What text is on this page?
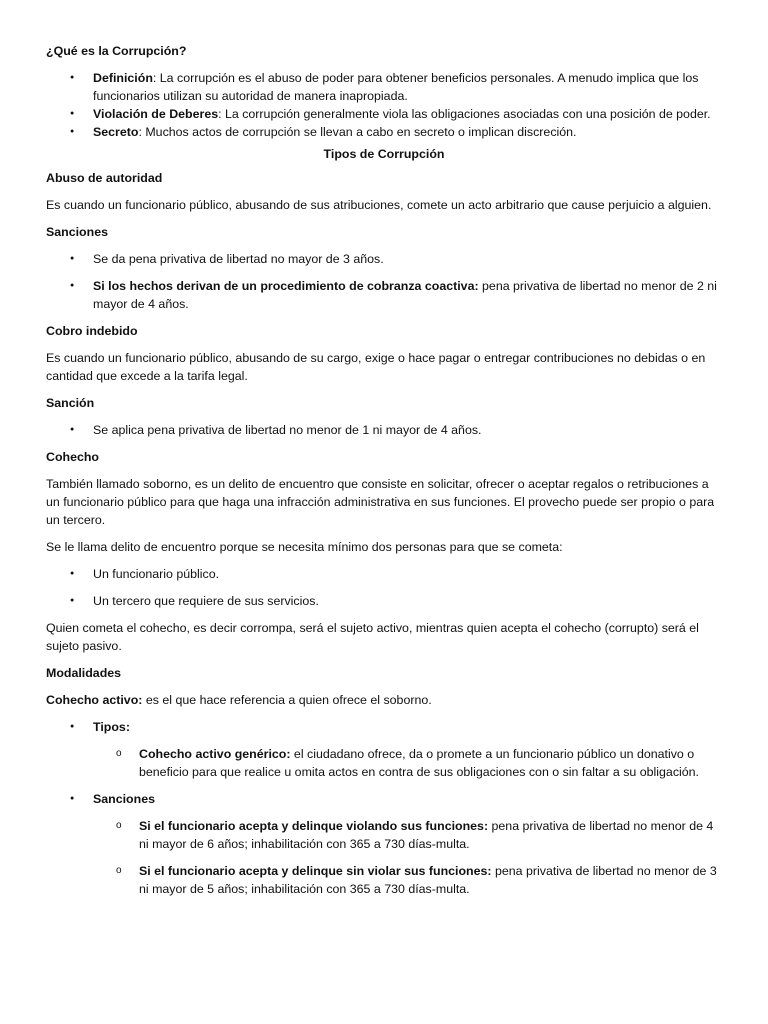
¿Qué es la Corrupción?

● Definición: La corrupción es el abuso de poder para obtener beneficios personales. A menudo implica que los funcionarios utilizan su autoridad de manera inapropiada.
● Violación de Deberes: La corrupción generalmente viola las obligaciones asociadas con una posición de poder.
● Secreto: Muchos actos de corrupción se llevan a cabo en secreto o implican discreción.

Tipos de Corrupción

Abuso de autoridad

Es cuando un funcionario público, abusando de sus atribuciones, comete un acto arbitrario que cause perjuicio a alguien.

Sanciones

● Se da pena privativa de libertad no mayor de 3 años.
● Si los hechos derivan de un procedimiento de cobranza coactiva: pena privativa de libertad no menor de 2 ni mayor de 4 años.

Cobro indebido

Es cuando un funcionario público, abusando de su cargo, exige o hace pagar o entregar contribuciones no debidas o en cantidad que excede a la tarifa legal.

Sanción

● Se aplica pena privativa de libertad no menor de 1 ni mayor de 4 años.

Cohecho

También llamado soborno, es un delito de encuentro que consiste en solicitar, ofrecer o aceptar regalos o retribuciones a un funcionario público para que haga una infracción administrativa en sus funciones. El provecho puede ser propio o para un tercero.

Se le llama delito de encuentro porque se necesita mínimo dos personas para que se cometa:

● Un funcionario público.
● Un tercero que requiere de sus servicios.

Quien cometa el cohecho, es decir corrompa, será el sujeto activo, mientras quien acepta el cohecho (corrupto) será el sujeto pasivo.

Modalidades

Cohecho activo: es el que hace referencia a quien ofrece el soborno.

● Tipos:
o Cohecho activo genérico: el ciudadano ofrece, da o promete a un funcionario público un donativo o beneficio para que realice u omita actos en contra de sus obligaciones con o sin faltar a su obligación.
● Sanciones
o Si el funcionario acepta y delinque violando sus funciones: pena privativa de libertad no menor de 4 ni mayor de 6 años; inhabilitación con 365 a 730 días-multa.
o Si el funcionario acepta y delinque sin violar sus funciones: pena privativa de libertad no menor de 3 ni mayor de 5 años; inhabilitación con 365 a 730 días-multa.
